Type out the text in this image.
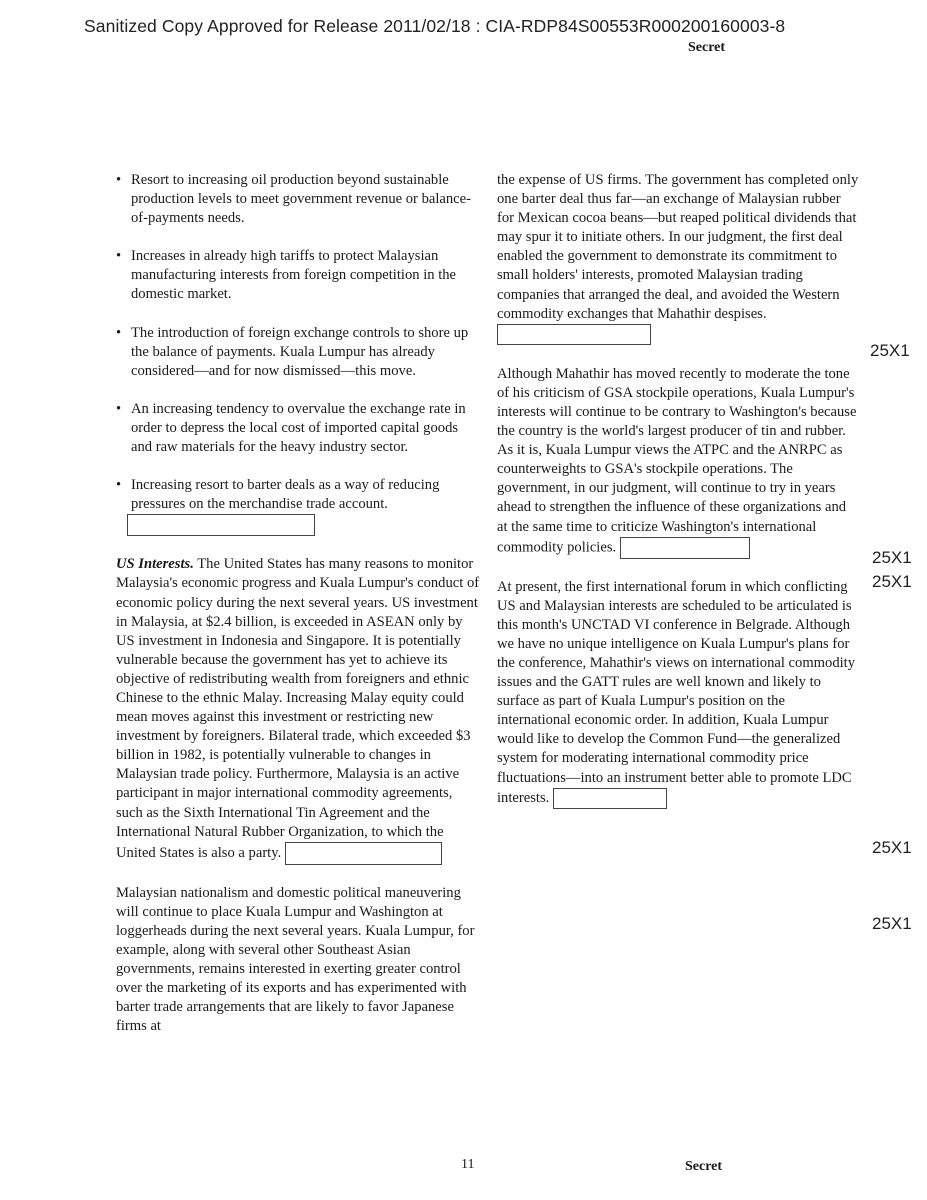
Sanitized Copy Approved for Release 2011/02/18 : CIA-RDP84S00553R000200160003-8
Secret

• Resort to increasing oil production beyond sustainable production levels to meet government revenue or balance-of-payments needs.

• Increases in already high tariffs to protect Malaysian manufacturing interests from foreign competition in the domestic market.

• The introduction of foreign exchange controls to shore up the balance of payments. Kuala Lumpur has already considered—and for now dismissed—this move.

• An increasing tendency to overvalue the exchange rate in order to depress the local cost of imported capital goods and raw materials for the heavy industry sector.

• Increasing resort to barter deals as a way of reducing pressures on the merchandise trade account.

US Interests. The United States has many reasons to monitor Malaysia's economic progress and Kuala Lumpur's conduct of economic policy during the next several years. US investment in Malaysia, at $2.4 billion, is exceeded in ASEAN only by US investment in Indonesia and Singapore. It is potentially vulnerable because the government has yet to achieve its objective of redistributing wealth from foreigners and ethnic Chinese to the ethnic Malay. Increasing Malay equity could mean moves against this investment or restricting new investment by foreigners. Bilateral trade, which exceeded $3 billion in 1982, is potentially vulnerable to changes in Malaysian trade policy. Furthermore, Malaysia is an active participant in major international commodity agreements, such as the Sixth International Tin Agreement and the International Natural Rubber Organization, to which the United States is also a party.

Malaysian nationalism and domestic political maneuvering will continue to place Kuala Lumpur and Washington at loggerheads during the next several years. Kuala Lumpur, for example, along with several other Southeast Asian governments, remains interested in exerting greater control over the marketing of its exports and has experimented with barter trade arrangements that are likely to favor Japanese firms at

the expense of US firms. The government has completed only one barter deal thus far—an exchange of Malaysian rubber for Mexican cocoa beans—but reaped political dividends that may spur it to initiate others. In our judgment, the first deal enabled the government to demonstrate its commitment to small holders' interests, promoted Malaysian trading companies that arranged the deal, and avoided the Western commodity exchanges that Mahathir despises.

Although Mahathir has moved recently to moderate the tone of his criticism of GSA stockpile operations, Kuala Lumpur's interests will continue to be contrary to Washington's because the country is the world's largest producer of tin and rubber. As it is, Kuala Lumpur views the ATPC and the ANRPC as counterweights to GSA's stockpile operations. The government, in our judgment, will continue to try in years ahead to strengthen the influence of these organizations and at the same time to criticize Washington's international commodity policies.

At present, the first international forum in which conflicting US and Malaysian interests are scheduled to be articulated is this month's UNCTAD VI conference in Belgrade. Although we have no unique intelligence on Kuala Lumpur's plans for the conference, Mahathir's views on international commodity issues and the GATT rules are well known and likely to surface as part of Kuala Lumpur's position on the international economic order. In addition, Kuala Lumpur would like to develop the Common Fund—the generalized system for moderating international commodity price fluctuations—into an instrument better able to promote LDC interests.

25X1
25X1
25X1
25X1
25X1
11	Secret
